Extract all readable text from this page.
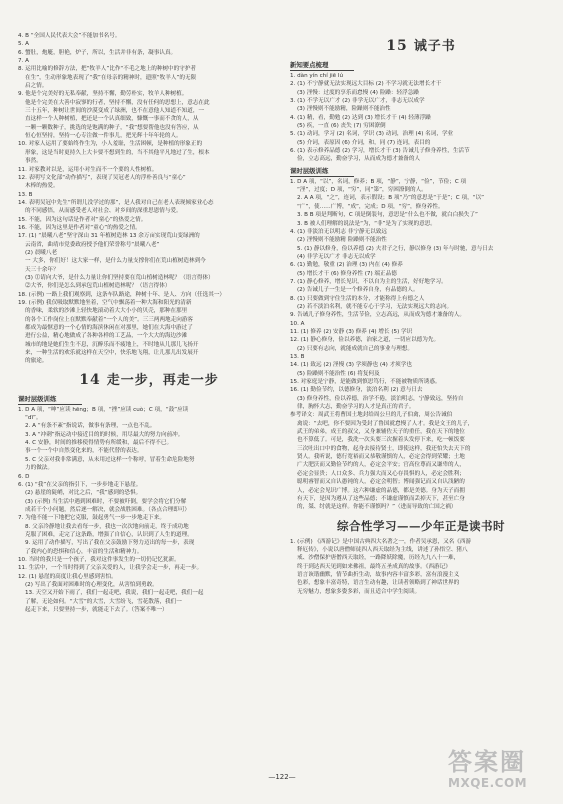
4. B “全国人民代表大会”不能加书名号。
5. A
6. 蟹肚，炮艇，胆艳，炉子，所以，生活并非有条，凝事认真。
7. A
8. 运用比喻的修辞方法，把“牧羊人”比作“不毛之地上的种树中的守护者
在生”，生动形象地表现了“我”在母亲的精神时，遗照“牧羊人”的无限
启之情。
9. 他是个完美好的无私奉献，坚持不懈，勤劳朴实，牧羊人种树植。
他是个完美在大善中寂寥的行者，坚持不懈，没有任何的思想上，意志在此
三十五年，种树让世间的沙漠变成了绿洲，也不在意他人知道不知道，一
直这样一个人种树植，把还是一个认真细致，慷慨一事而不贪的人，从
一颗一颗数种子，挑选的是饱满的种子，“我”想要帮他也没有答应，从
恒心恒坚持，坚持一心专注做一件事儿，把光辉十年年轮的人。
10. 对家人运用了要始终作生为，小人羞耻，生活困顿，是种植的形象正的
形象，这是当时更持久上大卡要不想到生的，当不其他平凡地过了生，根本
事然。
11. 对家教对以是，运用小对生而不一个要的人性树植。
12. 表明写文化部“动作描写”，表现了吴冠老人的浮朴善良与“童心”
木棒的热爱。
13. B
14. 表明吴冠中先生“所谓儿没学过的那”，是人我对自己在老人表现倾家业心态
的不同感悟，从而感受老人对社会、对乡间的深重思恩情与爱。
15. 不能，因为这句话是作者对“童心”的热爱之情。
16. 不能，因为这里是作者对“童心”的热爱之情。
17. (1) “晨曦八老”坚守深山 31 年植树造林 13 余万亩实现荒山变绿洲的
云南省，曲靖市党委政府授予他们荣誉称号“晨曦八老”
(2) 晨曦八老
一 大多，你们好！这大家一样，是什么力量支撑你们在荒山植树造林到今
天三十余年？
(3) ⓵请向大爷，是什么力量让你们坚持要在荒山植树造林呢？（语言得体）
⓶大爷，你们是怎么到承包荒山植树造林呢？（语言得体）
18. (示例) 一路上我们观察到，这条车队路途，种树十年、是人、方向（任选其一）
19. (示例) 我仅吸取默默地坐着，空气中飘荡着一种大海和阳光的清新
的香味，柔软的沙滩上轻快地滚动着大大小小的贝壳，那种在那里
的各个工作岗位上在默默奉献着“一个人的美”。三三两两地走向游客
都成为最惬意的一个心情的海滨休闲在对那里，她们在大海中游过了
进行公益，精心地做成了各种各样的工艺品，一个大大的海边沙滩
城市的地是她们生生不息，沉醉乐而不疲地上，不时地从儿那儿飞扬开
来，一种生活的欢乐就这样在天空中，快乐地飞翔，让儿那儿出发展开
的旅途。
14 走一步，再走一步
课时层级训练
1. D A 项，“呻”应读 hēng；B 项，“挫”应读 cuò；C 项，“鼓”应读
“dī”。
2. A “有条不紊”指说话，做事有条理，一点也不乱。
3. A “冲刺”指运动中接近目的的时候，用尽最大的努力向前冲。
4. C 安静，时间的推移使得情势有所缓和，最后不得不已。
事一个一个中自然变化来的，不能代替的表达。
5. C 父亲对我非常满意，从未用过这样一个称呼，冒着生命危险地努
力的做法。
6. D
6. (1) “我”在父亲的指引下，一步步地走下悬崖。
(2) 悬崖的陡峭，对比之后，“我”感到的恐惧。
(3) (示例) 当生活中遇到困难时，不要被吓倒，要学会将它们分解
成若干个小问题，然后逐一解决，就会战胜困难。（各点合理即可）
7. 为他不能一下地把它克服，鼓起勇气一步一步地走下来。
8. 父亲冷静地让我去看每一步，我也一次次地向前走，终于成功地
克服了困难，走完了这条路，增强了自信心，认识到了人生的道理。
9. 运用了动作描写，写出了我在父亲鼓励下努力迈出的每一步，表现
了我内心的恐惧和信心，丰富的生活和精神力。
10. 当时的我只是一个孩子，我对这件事发生的一切仍记忆犹新。
11. 生活中，一个当时得到了父亲关爱的人，让我学会走一步，再走一步。
12. (1) 悬崖的高度让我心里感到害怕。
(2) 写出了我面对困难时的心理变化，从害怕到勇敢。
13. 天空又开始下雨了，我们一起走吧，我说，我们一起走吧，我们一起
了解，无论如何。“大雪”的大雪，大雪纷飞，雪花散落，我们一
起走下来，只要坚持一步，就能走下去了。（答案不唯一）
15 诫子书
新知要点梳理
1. dàn yín chí jiē lú
2. (1) 不宁静就无法实现远大目标 (2) 不学习就无法增长才干
(3) 淫慢：过度的享乐而怠慢 (4) 险躁：轻浮急躁
3. (1) 不学无以广才 (2) 非学无以广才，非志无以成学
(3) 淫慢则不能励精，险躁则不能治性
4. (1) 精，看，勤勉 (2) 达到 (3) 增长才干 (4) 轻薄浮躁
(5) 疾，一直 (6) 丧失 (7) 穷困潦倒
5. (1) 动词，学习 (2) 名词，学识 (3) 动词，治理 (4) 名词，学业
(5) 介词，表原因 (6) 介词，和，同 (7) 连词，表目的
6. (1) 表示修养品德 (2) 学习，增长才干 (3) 告诫儿子修身养性，生活节
俭，立志高远，勤奋学习，从而成为德才兼备的人
课时层级训练
1. D A 项，“以”，名词，修养；B 项，“静”，宁静，“俭”，节俭；C 项
“淫”，过度；D 项，“穷”，同“第”，穷困潦倒的人。
2. A A 项，“之”，连词，表示假设；B 项“乃”的意思是“于是”；C 项，“以”
“广”，使……广博，“成”，完成；D 项，“穷”，修身养性。
3. B B 项是判断句，C 项是倒装句，意思是“什么也不做，就白白损失了”
3. B 被人们理解的说法是“为，“非”是为了实现的意思。
4. (1) 非淡泊无以明志 非宁静无以致远
(2) 淫慢则不能励精 险躁则不能治性
5. (1) 静以修身，俭以养德 (2) 夫君子之行，静以修身 (3) 年与时驰，意与日去
(4) 非学无以广才 非志无以成学
6. (1) 勤勉，敬重 (2) 治理 (3) 内在 (4) 修养
(5) 增长才干 (6) 修身养性 (7) 端正品德
7. (1) 静心修养，增长见识，不以自为主的生活，好好地学习。
(2) 告诫儿子一生是一个修养自身，有品德的人。
8. (1) 只要做到守住生活的本分，才能称得上有德之人
(2) 若不淡泊名利，就不能专心于学习，无法实现远大的志向。
9. 告诫儿子修身养性，生活节俭，立志高远，从而成为德才兼备的人。
10. A
11. (1) 修养 (2) 安静 (3) 修养 (4) 增长 (5) 学识
12. (1) 静心修身，俭以养德，治家之道，一切应以德为先。
(2) 只要有志向，就能成就自己的事业与理想。
13. B
14. (1) 致远 (2) 淫慢 (3) 学须静也 (4) 才须学也
(5) 险躁则不能治性 (6) 将复何及
15. 对家庭是宁静，是能做到慎思笃行，不能被物质所诱惑。
16. (1) 勤俭节约，以德修身，淡泊名利 (2) 意与日去
(3) 修身养性，俭以养德，治学不倦，淡泊明志，宁静致远，坚持自
律，胸怀大志，勤奋学习的人才是真正的君子。
参考译文：周武王将曹国土地封给周公旦的儿子伯禽，周公告诫伯
禽说：“去吧，你不要因为受封了鲁国就怠慢了人才。我是文王的儿子，
武王的弟弟，成王的叔父，又身兼辅佐天子的重任，我在天下的地位
也不算低了。可是，我洗一次头要三次握着头发停下来，吃一顿饭要
三次吐出口中的食物，起身去接待贤士，即使这样，我还怕失去天下的
贤人。我听说，德行宽裕而又恭敬谨慎的人，必定会得到荣耀；土地
广大肥沃而又勤俭节约的人，必定会平安；官高位尊而又谦卑的人，
必定会显贵；人口众多、兵力强大而又心存畏惧的人，必定会胜利；
聪明睿智而又自认愚钝的人，必定会明智；博闻强记而又自认浅陋的
人，必定会见识广博。这六种谦虚的品德，都是美德。身为天子而拥
有天下，是因为遵从了这些品德；不谦虚谨慎而丢掉天下，甚至亡身
的，桀、纣就是这样。你能不谨慎吗？”（进而导致的亡国之祸）
综合性学习——少年正是读书时
1. (示例) 《西游记》是中国古典四大名著之一，作者吴承恩，又名《西游
释厄传》，小说以唐僧师徒四人西天取经为主线，讲述了孙悟空、猪八
戒、沙僧保护唐僧西天取经，一路降妖除魔，历经九九八十一难，
终于到达西天见到如来佛祖，最终五圣成真的故事。《西游记》
语言诙谐幽默，情节曲折生动，故事内容丰富多彩，富有浪漫主义
色彩，想象丰富奇特，语言生动有趣，让读者领略到了神话世界的
无穷魅力，想象多姿多彩，而且适合中学生阅读。
—122—
答案圈
MXQE.COM
